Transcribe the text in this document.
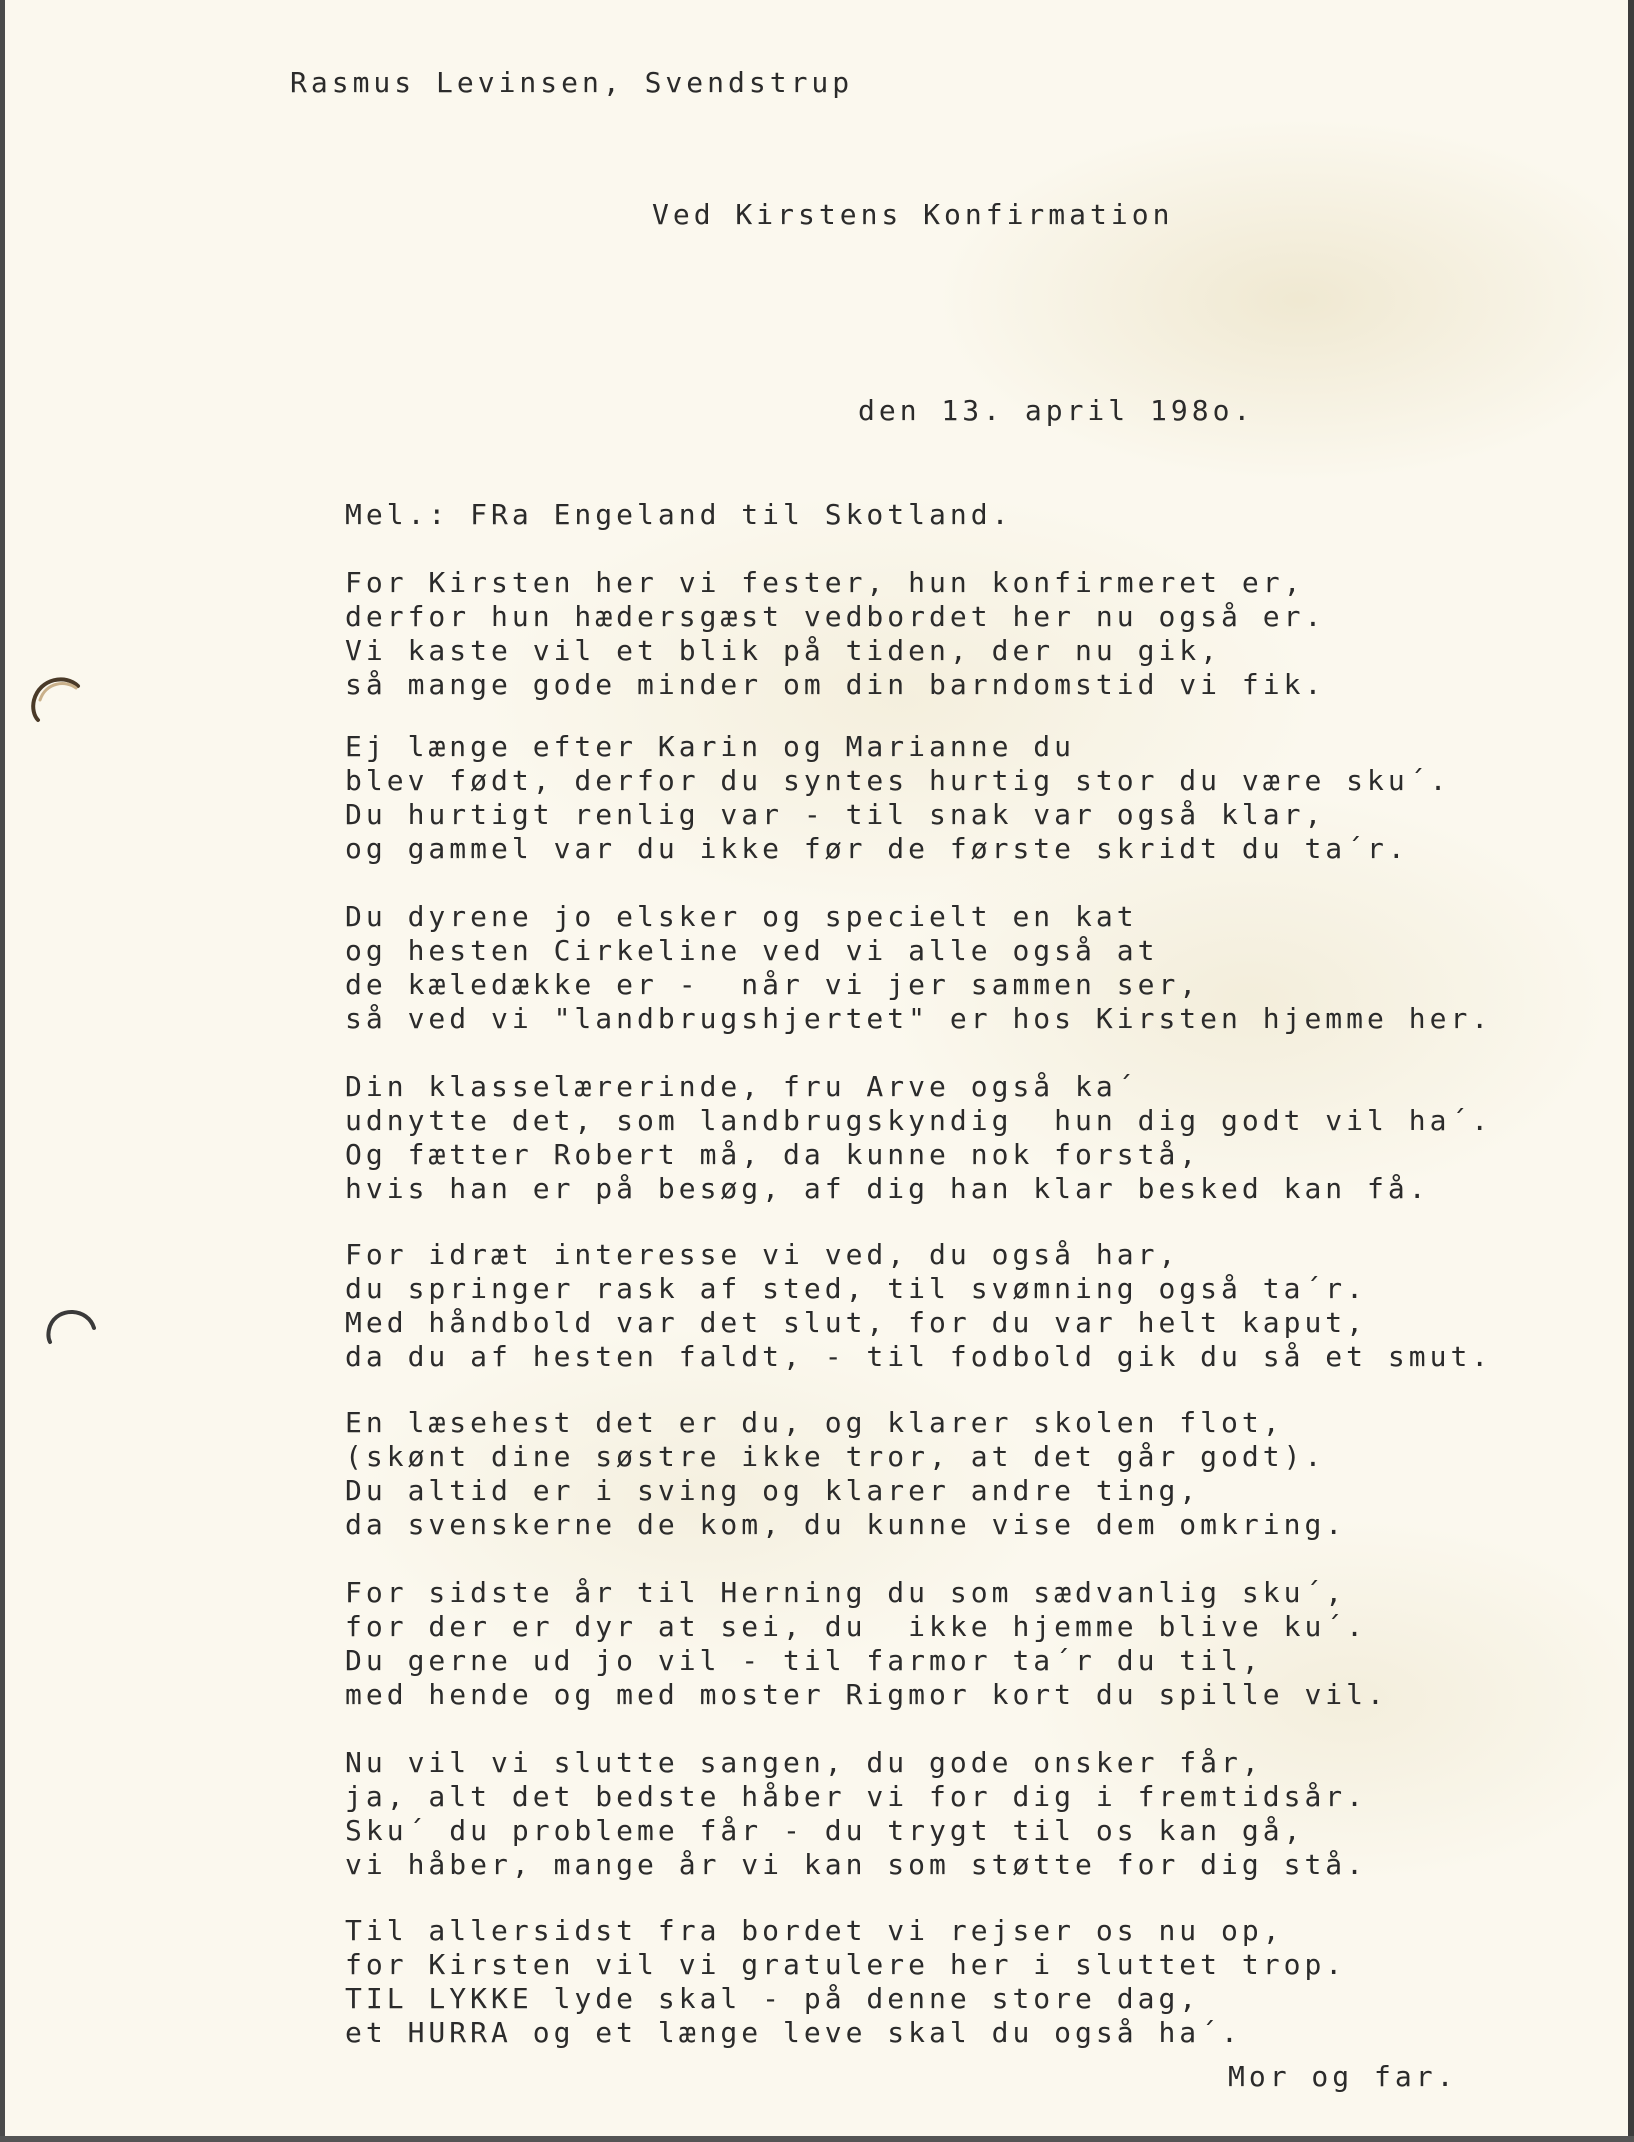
Rasmus Levinsen, Svendstrup
Ved Kirstens Konfirmation
den 13. april 198o.
Mel.: FRa Engeland til Skotland.
For Kirsten her vi fester, hun konfirmeret er,
derfor hun hædersgæst vedbordet her nu også er.
Vi kaste vil et blik på tiden, der nu gik,
så mange gode minder om din barndomstid vi fik.
Ej længe efter Karin og Marianne du
blev født, derfor du syntes hurtig stor du være sku´.
Du hurtigt renlig var - til snak var også klar,
og gammel var du ikke før de første skridt du ta´r.
Du dyrene jo elsker og specielt en kat
og hesten Cirkeline ved vi alle også at
de kæledække er -  når vi jer sammen ser,
så ved vi "landbrugshjertet" er hos Kirsten hjemme her.
Din klasselærerinde, fru Arve også ka´
udnytte det, som landbrugskyndig  hun dig godt vil ha´.
Og fætter Robert må, da kunne nok forstå,
hvis han er på besøg, af dig han klar besked kan få.
For idræt interesse vi ved, du også har,
du springer rask af sted, til svømning også ta´r.
Med håndbold var det slut, for du var helt kaput,
da du af hesten faldt, - til fodbold gik du så et smut.
En læsehest det er du, og klarer skolen flot,
(skønt dine søstre ikke tror, at det går godt).
Du altid er i sving og klarer andre ting,
da svenskerne de kom, du kunne vise dem omkring.
For sidste år til Herning du som sædvanlig sku´,
for der er dyr at sei, du  ikke hjemme blive ku´.
Du gerne ud jo vil - til farmor ta´r du til,
med hende og med moster Rigmor kort du spille vil.
Nu vil vi slutte sangen, du gode onsker får,
ja, alt det bedste håber vi for dig i fremtidsår.
Sku´ du probleme får - du trygt til os kan gå,
vi håber, mange år vi kan som støtte for dig stå.
Til allersidst fra bordet vi rejser os nu op,
for Kirsten vil vi gratulere her i sluttet trop.
TIL LYKKE lyde skal - på denne store dag,
et HURRA og et længe leve skal du også ha´.
Mor og far.
